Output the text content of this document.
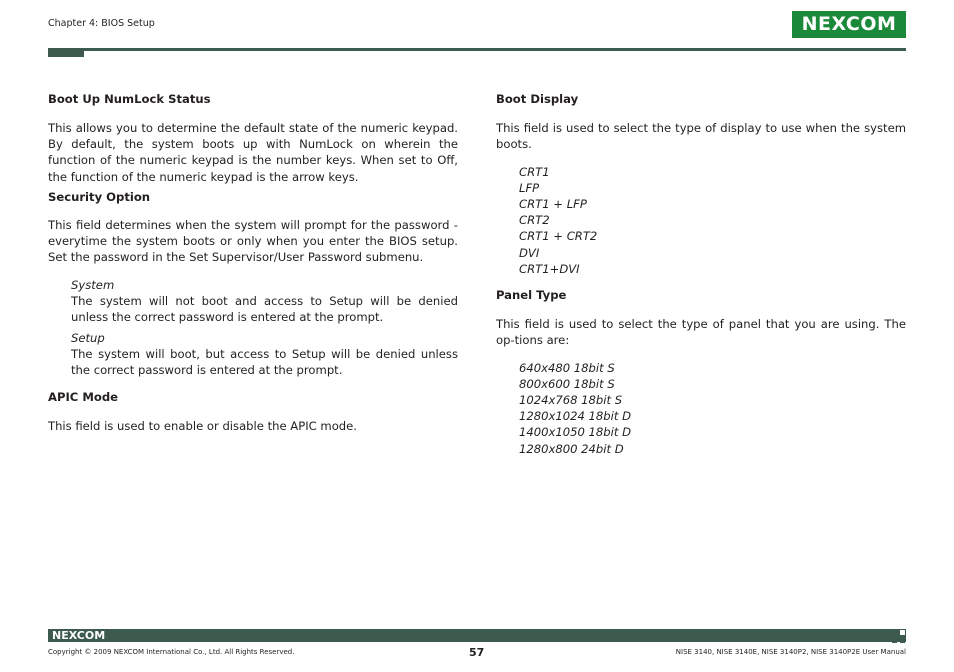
Chapter 4: BIOS Setup	NEXCOM
Boot Up NumLock Status
This allows you to determine the default state of the numeric keypad. By default, the system boots up with NumLock on wherein the function of the numeric keypad is the number keys. When set to Off, the function of the numeric keypad is the arrow keys.
Security Option
This field determines when the system will prompt for the password - everytime the system boots or only when you enter the BIOS setup. Set the password in the Set Supervisor/User Password submenu.
System
The system will not boot and access to Setup will be denied unless the correct password is entered at the prompt.
Setup
The system will boot, but access to Setup will be denied unless the correct password is entered at the prompt.
APIC Mode
This field is used to enable or disable the APIC mode.
Boot Display
This field is used to select the type of display to use when the system boots.
CRT1
LFP
CRT1 + LFP
CRT2
CRT1 + CRT2
DVI
CRT1+DVI
Panel Type
This field is used to select the type of panel that you are using. The op-tions are:
640x480 18bit S
800x600 18bit S
1024x768 18bit S
1280x1024 18bit D
1400x1050 18bit D
1280x800 24bit D
NEXCOM
Copyright © 2009 NEXCOM International Co., Ltd. All Rights Reserved.	57	NISE 3140, NISE 3140E, NISE 3140P2, NISE 3140P2E User Manual
